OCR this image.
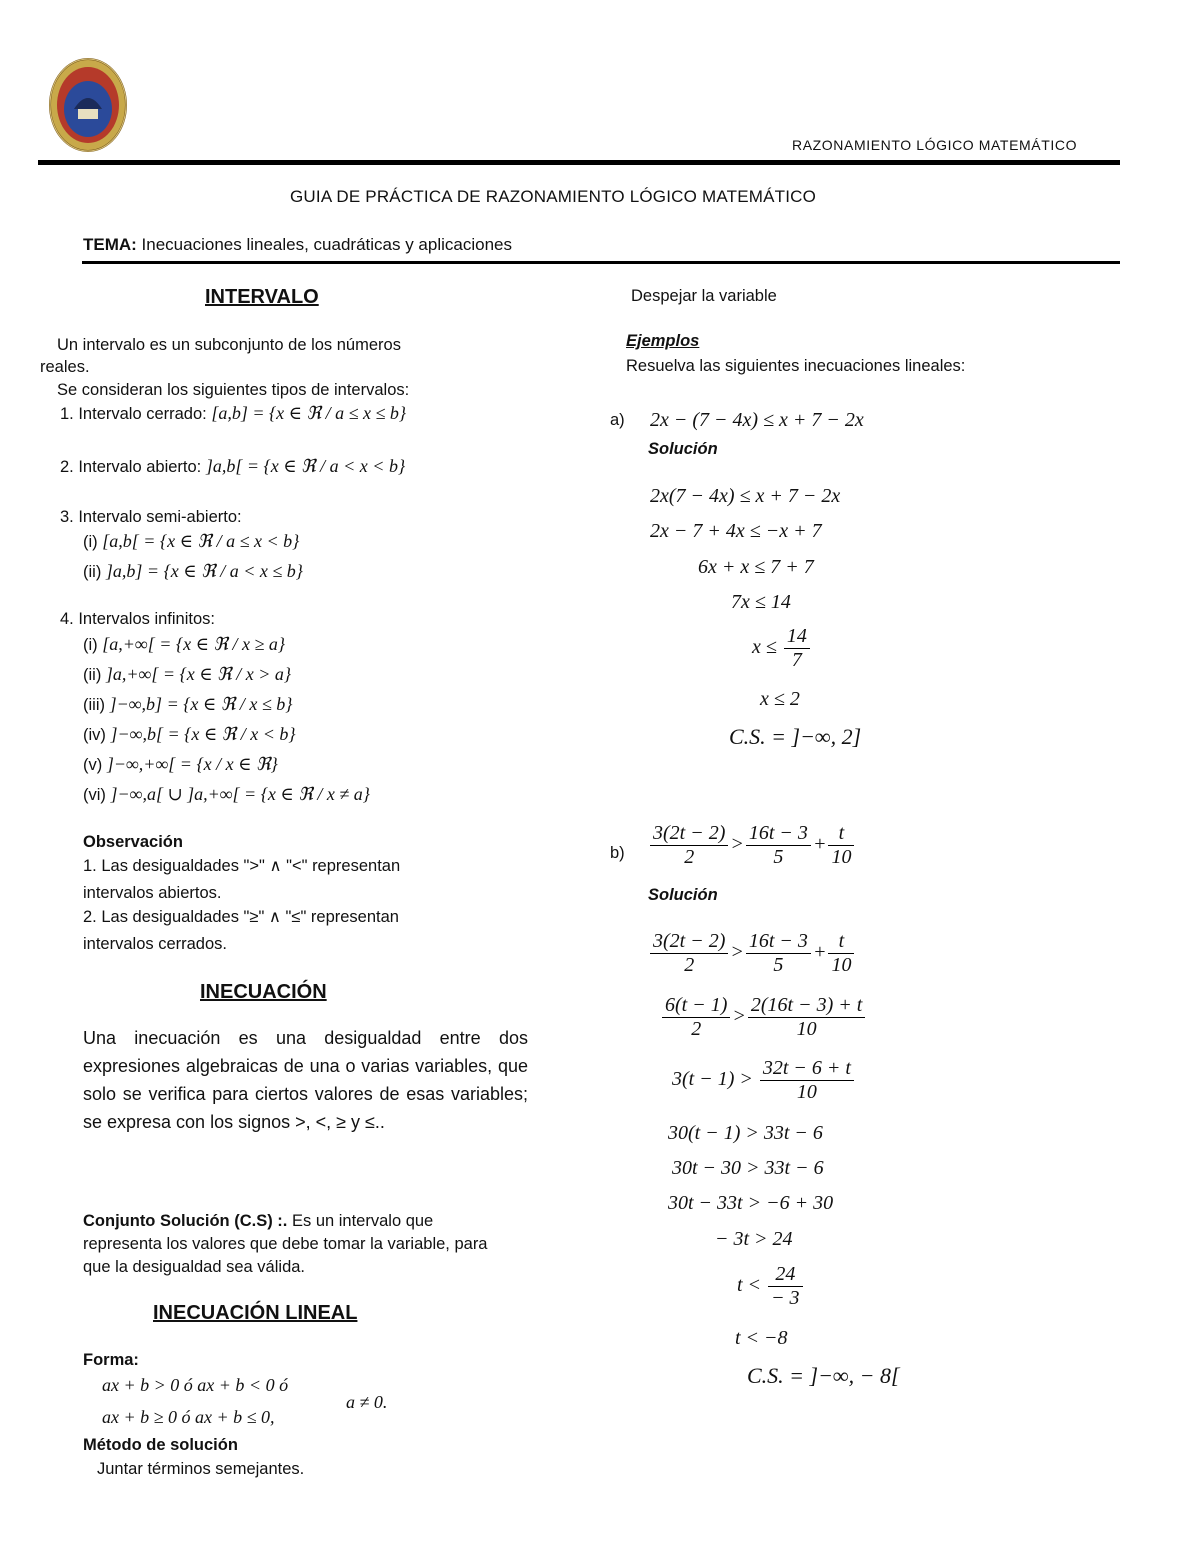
RAZONAMIENTO LÓGICO MATEMÁTICO
GUIA DE PRÁCTICA DE RAZONAMIENTO LÓGICO MATEMÁTICO
TEMA: Inecuaciones lineales, cuadráticas y aplicaciones
INTERVALO
Un intervalo es un subconjunto de los números
reales.
Se consideran los siguientes tipos de intervalos:
1. Intervalo cerrado: [a,b] = {x ∈ ℜ / a ≤ x ≤ b}
2. Intervalo abierto: ]a,b[ = {x ∈ ℜ / a < x < b}
3. Intervalo semi-abierto:
(i) [a,b[ = {x ∈ ℜ / a ≤ x < b}
(ii) ]a,b] = {x ∈ ℜ / a < x ≤ b}
4. Intervalos infinitos:
(i) [a,+∞[ = {x ∈ ℜ / x ≥ a}
(ii) ]a,+∞[ = {x ∈ ℜ / x > a}
(iii) ]−∞,b] = {x ∈ ℜ / x ≤ b}
(iv) ]−∞,b[ = {x ∈ ℜ / x < b}
(v) ]−∞,+∞[ = {x / x ∈ ℜ}
(vi) ]−∞,a[ ∪ ]a,+∞[ = {x ∈ ℜ / x ≠ a}
Observación
1. Las desigualdades ">" ∧ "<" representan
intervalos abiertos.
2. Las desigualdades "≥" ∧ "≤" representan
intervalos cerrados.
INECUACIÓN
Una inecuación es una desigualdad entre dos expresiones algebraicas de una o varias variables, que solo se verifica para ciertos valores de esas variables; se expresa con los signos >, <, ≥ y ≤..
Conjunto Solución (C.S) :. Es un intervalo que representa los valores que debe tomar la variable, para que la desigualdad sea válida.
INECUACIÓN LINEAL
Forma:
ax + b > 0 ó ax + b < 0 ó
ax + b ≥ 0 ó ax + b ≤ 0,
a ≠ 0.
Método de solución
Juntar términos semejantes.
Despejar la variable
Ejemplos
Resuelva las siguientes inecuaciones lineales:
a) 2x − (7 − 4x) ≤ x + 7 − 2x
Solución
2x(7 − 4x) ≤ x + 7 − 2x
2x − 7 + 4x ≤ −x + 7
6x + x ≤ 7 + 7
7x ≤ 14
$x \le \frac{14}{7}$
x ≤ 2
C.S. = ]−∞, 2]
$b) \frac{3(2t - 2)}{2} > \frac{16t - 3}{5} + \frac{t}{10}$
Solución
$\frac{3(2t - 2)}{2} > \frac{16t - 3}{5} + \frac{t}{10}$
$\frac{6(t - 1)}{2} > \frac{2(16t - 3) + t}{10}$
$3(t - 1) > \frac{32t - 6 + t}{10}$
30(t − 1) > 33t − 6
30t − 30 > 33t − 6
30t − 33t > −6 + 30
− 3t > 24
$t < \frac{24}{- 3}$
t < −8
C.S. = ]−∞, − 8[
